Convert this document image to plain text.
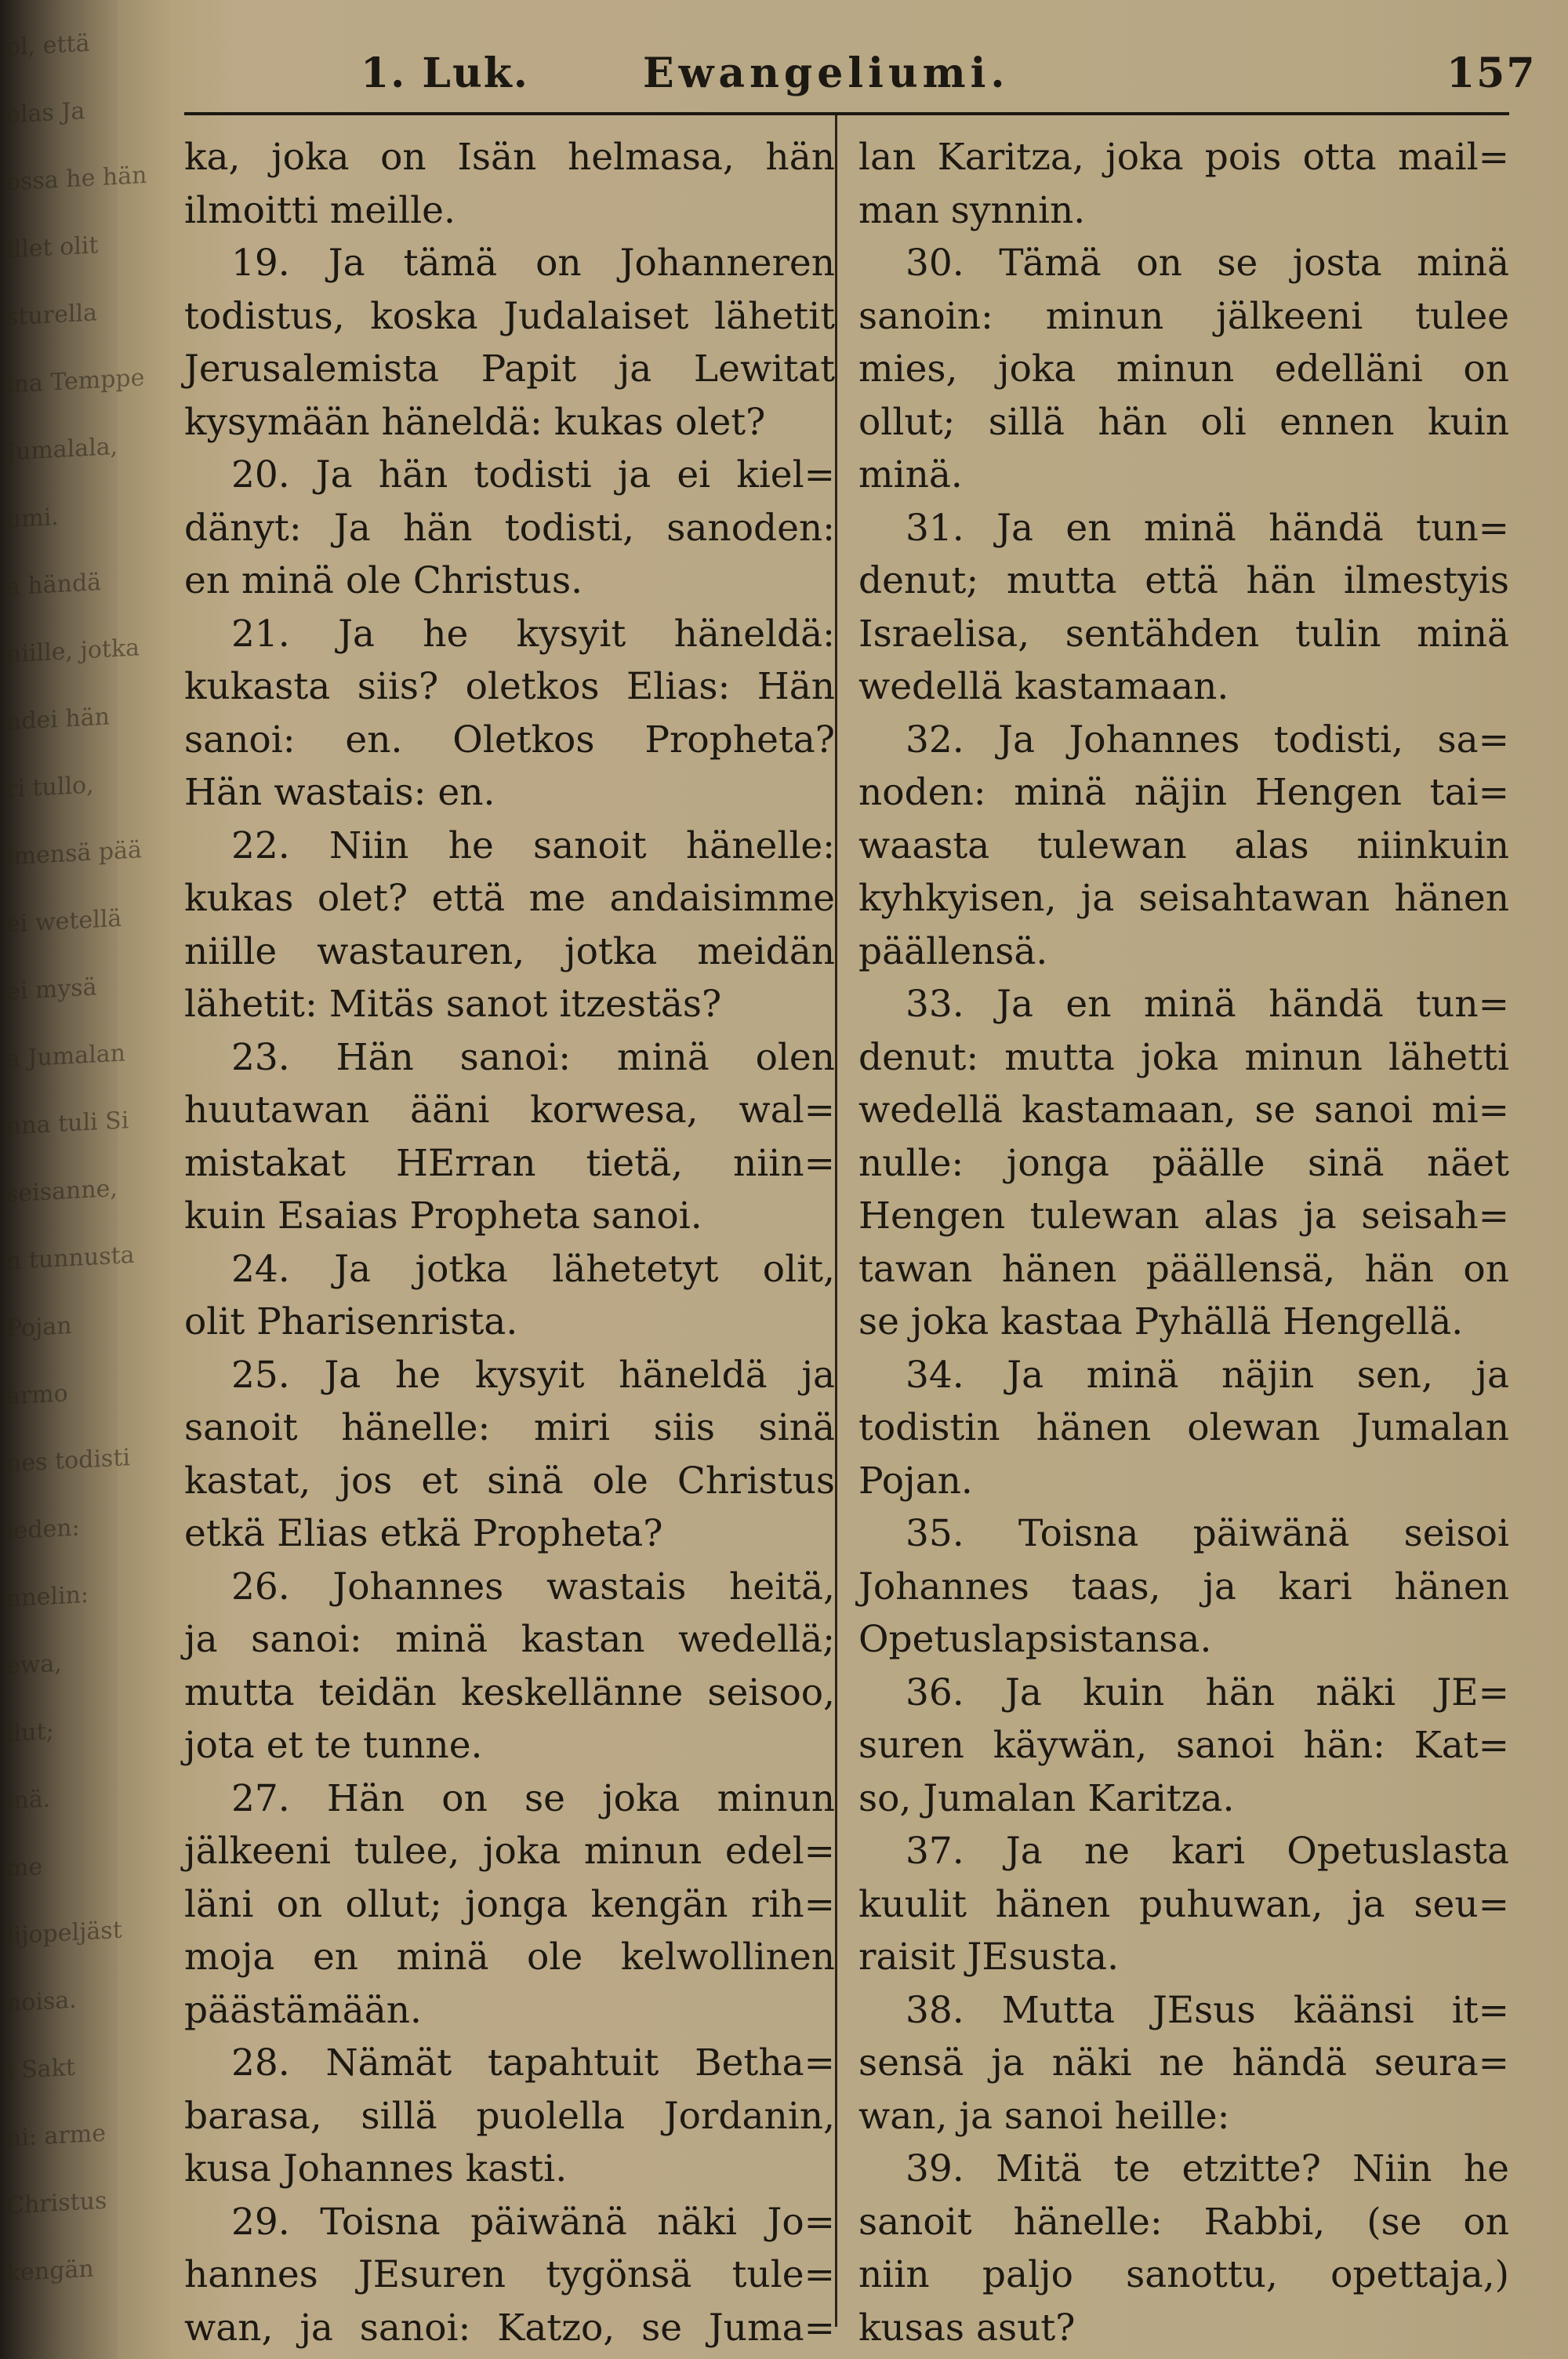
ol, että
olas Ja
ossa he hän
illet olit
sturella
ina Temppe
Jumalala,
umi.
a händä
niille, jotka
ndei hän
ri tullo,
imensä pää
ei wetellä
ei mysä
a Jumalan
nna tuli Si
seisanne,
n tunnusta
Pojan
armo
nes todisti
ieden:
nnelin:
ewa,
llut;
inä.
me
lijopeljäst
noisa.
i Sakt
ni: arme
Christus
kengän
1. Luk.	Ewangeliumi.	157
ka, joka on Isän helmasa, hän
ilmoitti meille.
19. Ja tämä on Johanneren
todistus, koska Judalaiset lähetit
Jerusalemista Papit ja Lewitat
kysymään häneldä: kukas olet?
20. Ja hän todisti ja ei kiel=
dänyt: Ja hän todisti, sanoden:
en minä ole Christus.
21. Ja he kysyit häneldä:
kukasta siis? oletkos Elias: Hän
sanoi: en. Oletkos Propheta?
Hän wastais: en.
22. Niin he sanoit hänelle:
kukas olet? että me andaisimme
niille wastauren, jotka meidän
lähetit: Mitäs sanot itzestäs?
23. Hän sanoi: minä olen
huutawan ääni korwesa, wal=
mistakat HErran tietä, niin=
kuin Esaias Propheta sanoi.
24. Ja jotka lähetetyt olit,
olit Pharisenrista.
25. Ja he kysyit häneldä ja
sanoit hänelle: miri siis sinä
kastat, jos et sinä ole Christus
etkä Elias etkä Propheta?
26. Johannes wastais heitä,
ja sanoi: minä kastan wedellä;
mutta teidän keskellänne seisoo,
jota et te tunne.
27. Hän on se joka minun
jälkeeni tulee, joka minun edel=
läni on ollut; jonga kengän rih=
moja en minä ole kelwollinen
päästämään.
28. Nämät tapahtuit Betha=
barasa, sillä puolella Jordanin,
kusa Johannes kasti.
29. Toisna päiwänä näki Jo=
hannes JEsuren tygönsä tule=
wan, ja sanoi: Katzo, se Juma=
lan Karitza, joka pois otta mail=
man synnin.
30. Tämä on se josta minä
sanoin: minun jälkeeni tulee
mies, joka minun edelläni on
ollut; sillä hän oli ennen kuin
minä.
31. Ja en minä händä tun=
denut; mutta että hän ilmestyis
Israelisa, sentähden tulin minä
wedellä kastamaan.
32. Ja Johannes todisti, sa=
noden: minä näjin Hengen tai=
waasta tulewan alas niinkuin
kyhkyisen, ja seisahtawan hänen
päällensä.
33. Ja en minä händä tun=
denut: mutta joka minun lähetti
wedellä kastamaan, se sanoi mi=
nulle: jonga päälle sinä näet
Hengen tulewan alas ja seisah=
tawan hänen päällensä, hän on
se joka kastaa Pyhällä Hengellä.
34. Ja minä näjin sen, ja
todistin hänen olewan Jumalan
Pojan.
35. Toisna päiwänä seisoi
Johannes taas, ja kari hänen
Opetuslapsistansa.
36. Ja kuin hän näki JE=
suren käywän, sanoi hän: Kat=
so, Jumalan Karitza.
37. Ja ne kari Opetuslasta
kuulit hänen puhuwan, ja seu=
raisit JEsusta.
38. Mutta JEsus käänsi it=
sensä ja näki ne händä seura=
wan, ja sanoi heille:
39. Mitä te etzitte? Niin he
sanoit hänelle: Rabbi, (se on
niin paljo sanottu, opettaja,)
kusas asut?
